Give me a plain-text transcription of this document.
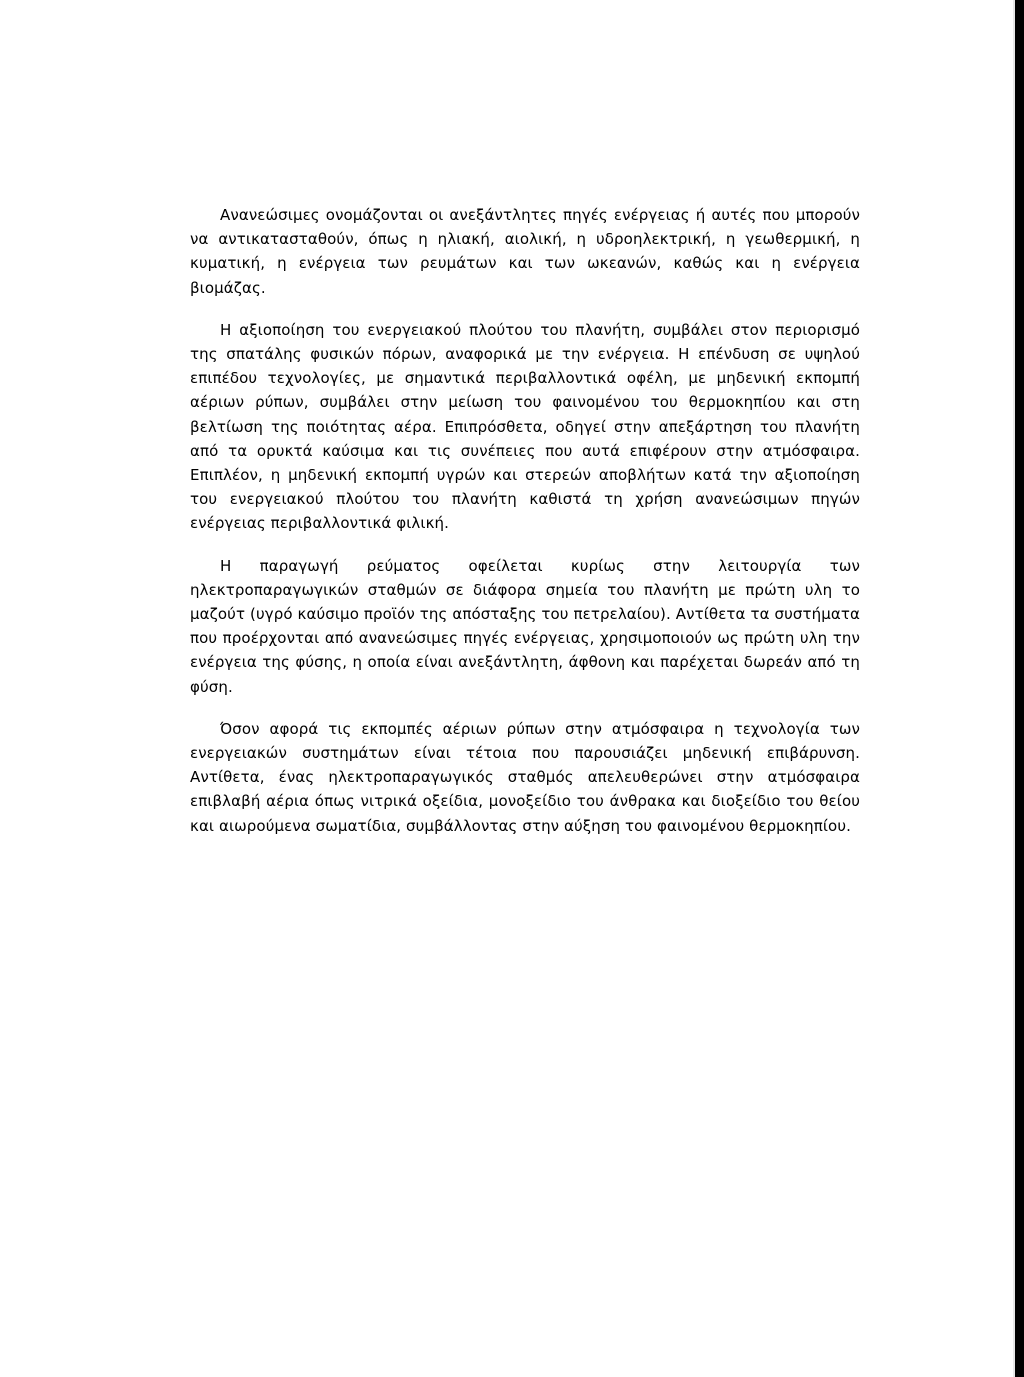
Ανανεώσιμες ονομάζονται οι ανεξάντλητες πηγές ενέργειας ή αυτές που μπορούν να αντικατασταθούν, όπως η ηλιακή, αιολική, η υδροηλεκτρική, η γεωθερμική, η κυματική, η ενέργεια των ρευμάτων και των ωκεανών, καθώς και η ενέργεια βιομάζας.

Η αξιοποίηση του ενεργειακού πλούτου του πλανήτη, συμβάλει στον περιορισμό της σπατάλης φυσικών πόρων, αναφορικά με την ενέργεια. Η επένδυση σε υψηλού επιπέδου τεχνολογίες, με σημαντικά περιβαλλοντικά οφέλη, με μηδενική εκπομπή αέριων ρύπων, συμβάλει στην μείωση του φαινομένου του θερμοκηπίου και στη βελτίωση της ποιότητας αέρα. Επιπρόσθετα, οδηγεί στην απεξάρτηση του πλανήτη από τα ορυκτά καύσιμα και τις συνέπειες που αυτά επιφέρουν στην ατμόσφαιρα. Επιπλέον, η μηδενική εκπομπή υγρών και στερεών αποβλήτων κατά την αξιοποίηση του ενεργειακού πλούτου του πλανήτη καθιστά τη χρήση ανανεώσιμων πηγών ενέργειας περιβαλλοντικά φιλική.

Η παραγωγή ρεύματος οφείλεται κυρίως στην λειτουργία των ηλεκτροπαραγωγικών σταθμών σε διάφορα σημεία του πλανήτη με πρώτη υλη το μαζούτ (υγρό καύσιμο προϊόν της απόσταξης του πετρελαίου). Αντίθετα τα συστήματα που προέρχονται από ανανεώσιμες πηγές ενέργειας, χρησιμοποιούν ως πρώτη υλη την ενέργεια της φύσης, η οποία είναι ανεξάντλητη, άφθονη και παρέχεται δωρεάν από τη φύση.

Όσον αφορά τις εκπομπές αέριων ρύπων στην ατμόσφαιρα η τεχνολογία των ενεργειακών συστημάτων είναι τέτοια που παρουσιάζει μηδενική επιβάρυνση. Αντίθετα, ένας ηλεκτροπαραγωγικός σταθμός απελευθερώνει στην ατμόσφαιρα επιβλαβή αέρια όπως νιτρικά οξείδια, μονοξείδιο του άνθρακα και διοξείδιο του θείου και αιωρούμενα σωματίδια, συμβάλλοντας στην αύξηση του φαινομένου θερμοκηπίου.
